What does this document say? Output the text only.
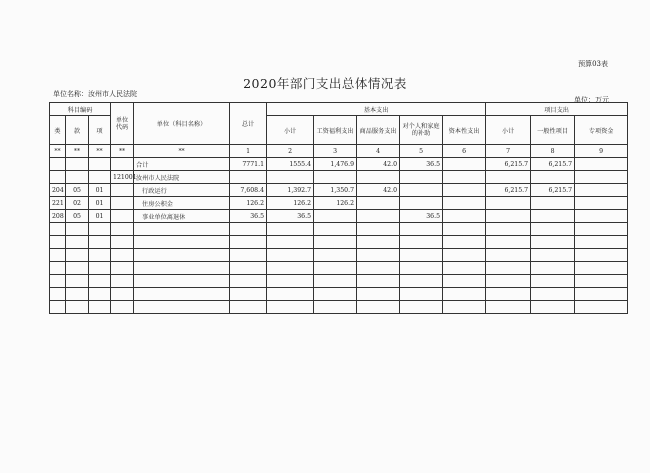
预算03表
2020年部门支出总体情况表
单位名称：汝州市人民法院
单位：万元
科目编码			单位代码	单位（科目名称）	总计	基本支出					项目支出		
类	款	项				小计	工资福利支出	商品服务支出	对个人和家庭的补助	资本性支出	小计	一般性项目	专项资金

**	**	**	**	**	1	2	3	4	5	6	7	8	9
				合计	7771.1	1555.4	1,476.9	42.0	36.5		6,215.7	6,215.7	
			121001	汝州市人民法院									
204	05	01		行政运行	7,608.4	1,392.7	1,350.7	42.0			6,215.7	6,215.7	
221	02	01		住房公积金	126.2	126.2	126.2						
208	05	01		事业单位离退休	36.5	36.5			36.5				
